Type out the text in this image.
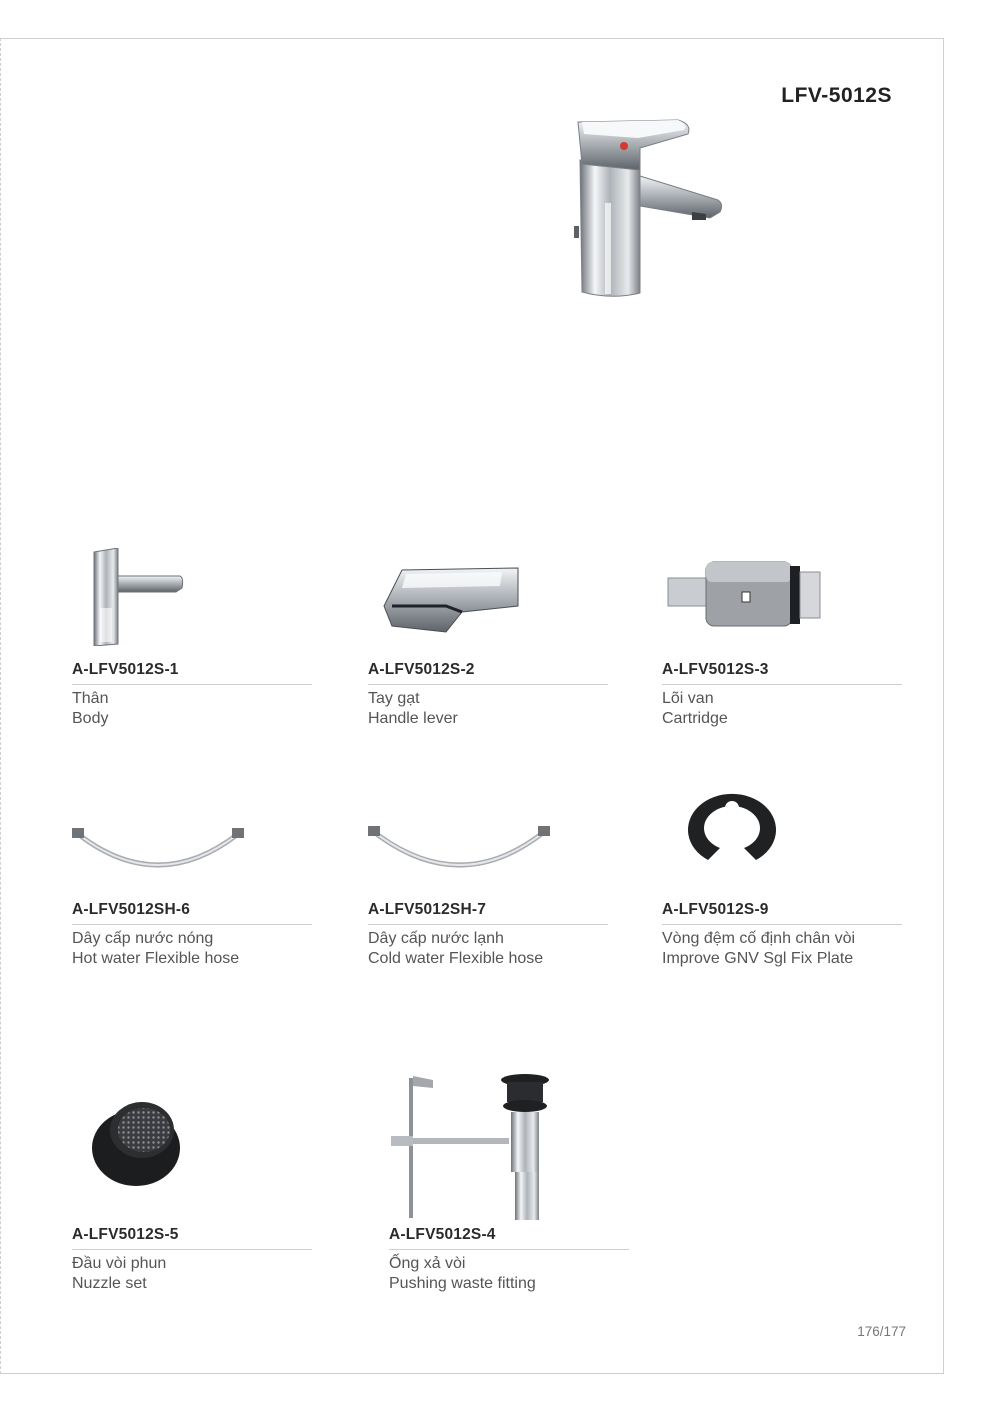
LFV-5012S
A-LFV5012S-1
Thân
Body
A-LFV5012S-2
Tay gạt
Handle lever
A-LFV5012S-3
Lõi van
Cartridge
A-LFV5012SH-6
Dây cấp nước nóng
Hot water Flexible hose
A-LFV5012SH-7
Dây cấp nước lạnh
Cold water Flexible hose
A-LFV5012S-9
Vòng đệm cố định chân vòi
Improve GNV Sgl Fix Plate
A-LFV5012S-5
Đầu vòi phun
Nuzzle set
A-LFV5012S-4
Ống xả vòi
Pushing waste fitting
176/177
